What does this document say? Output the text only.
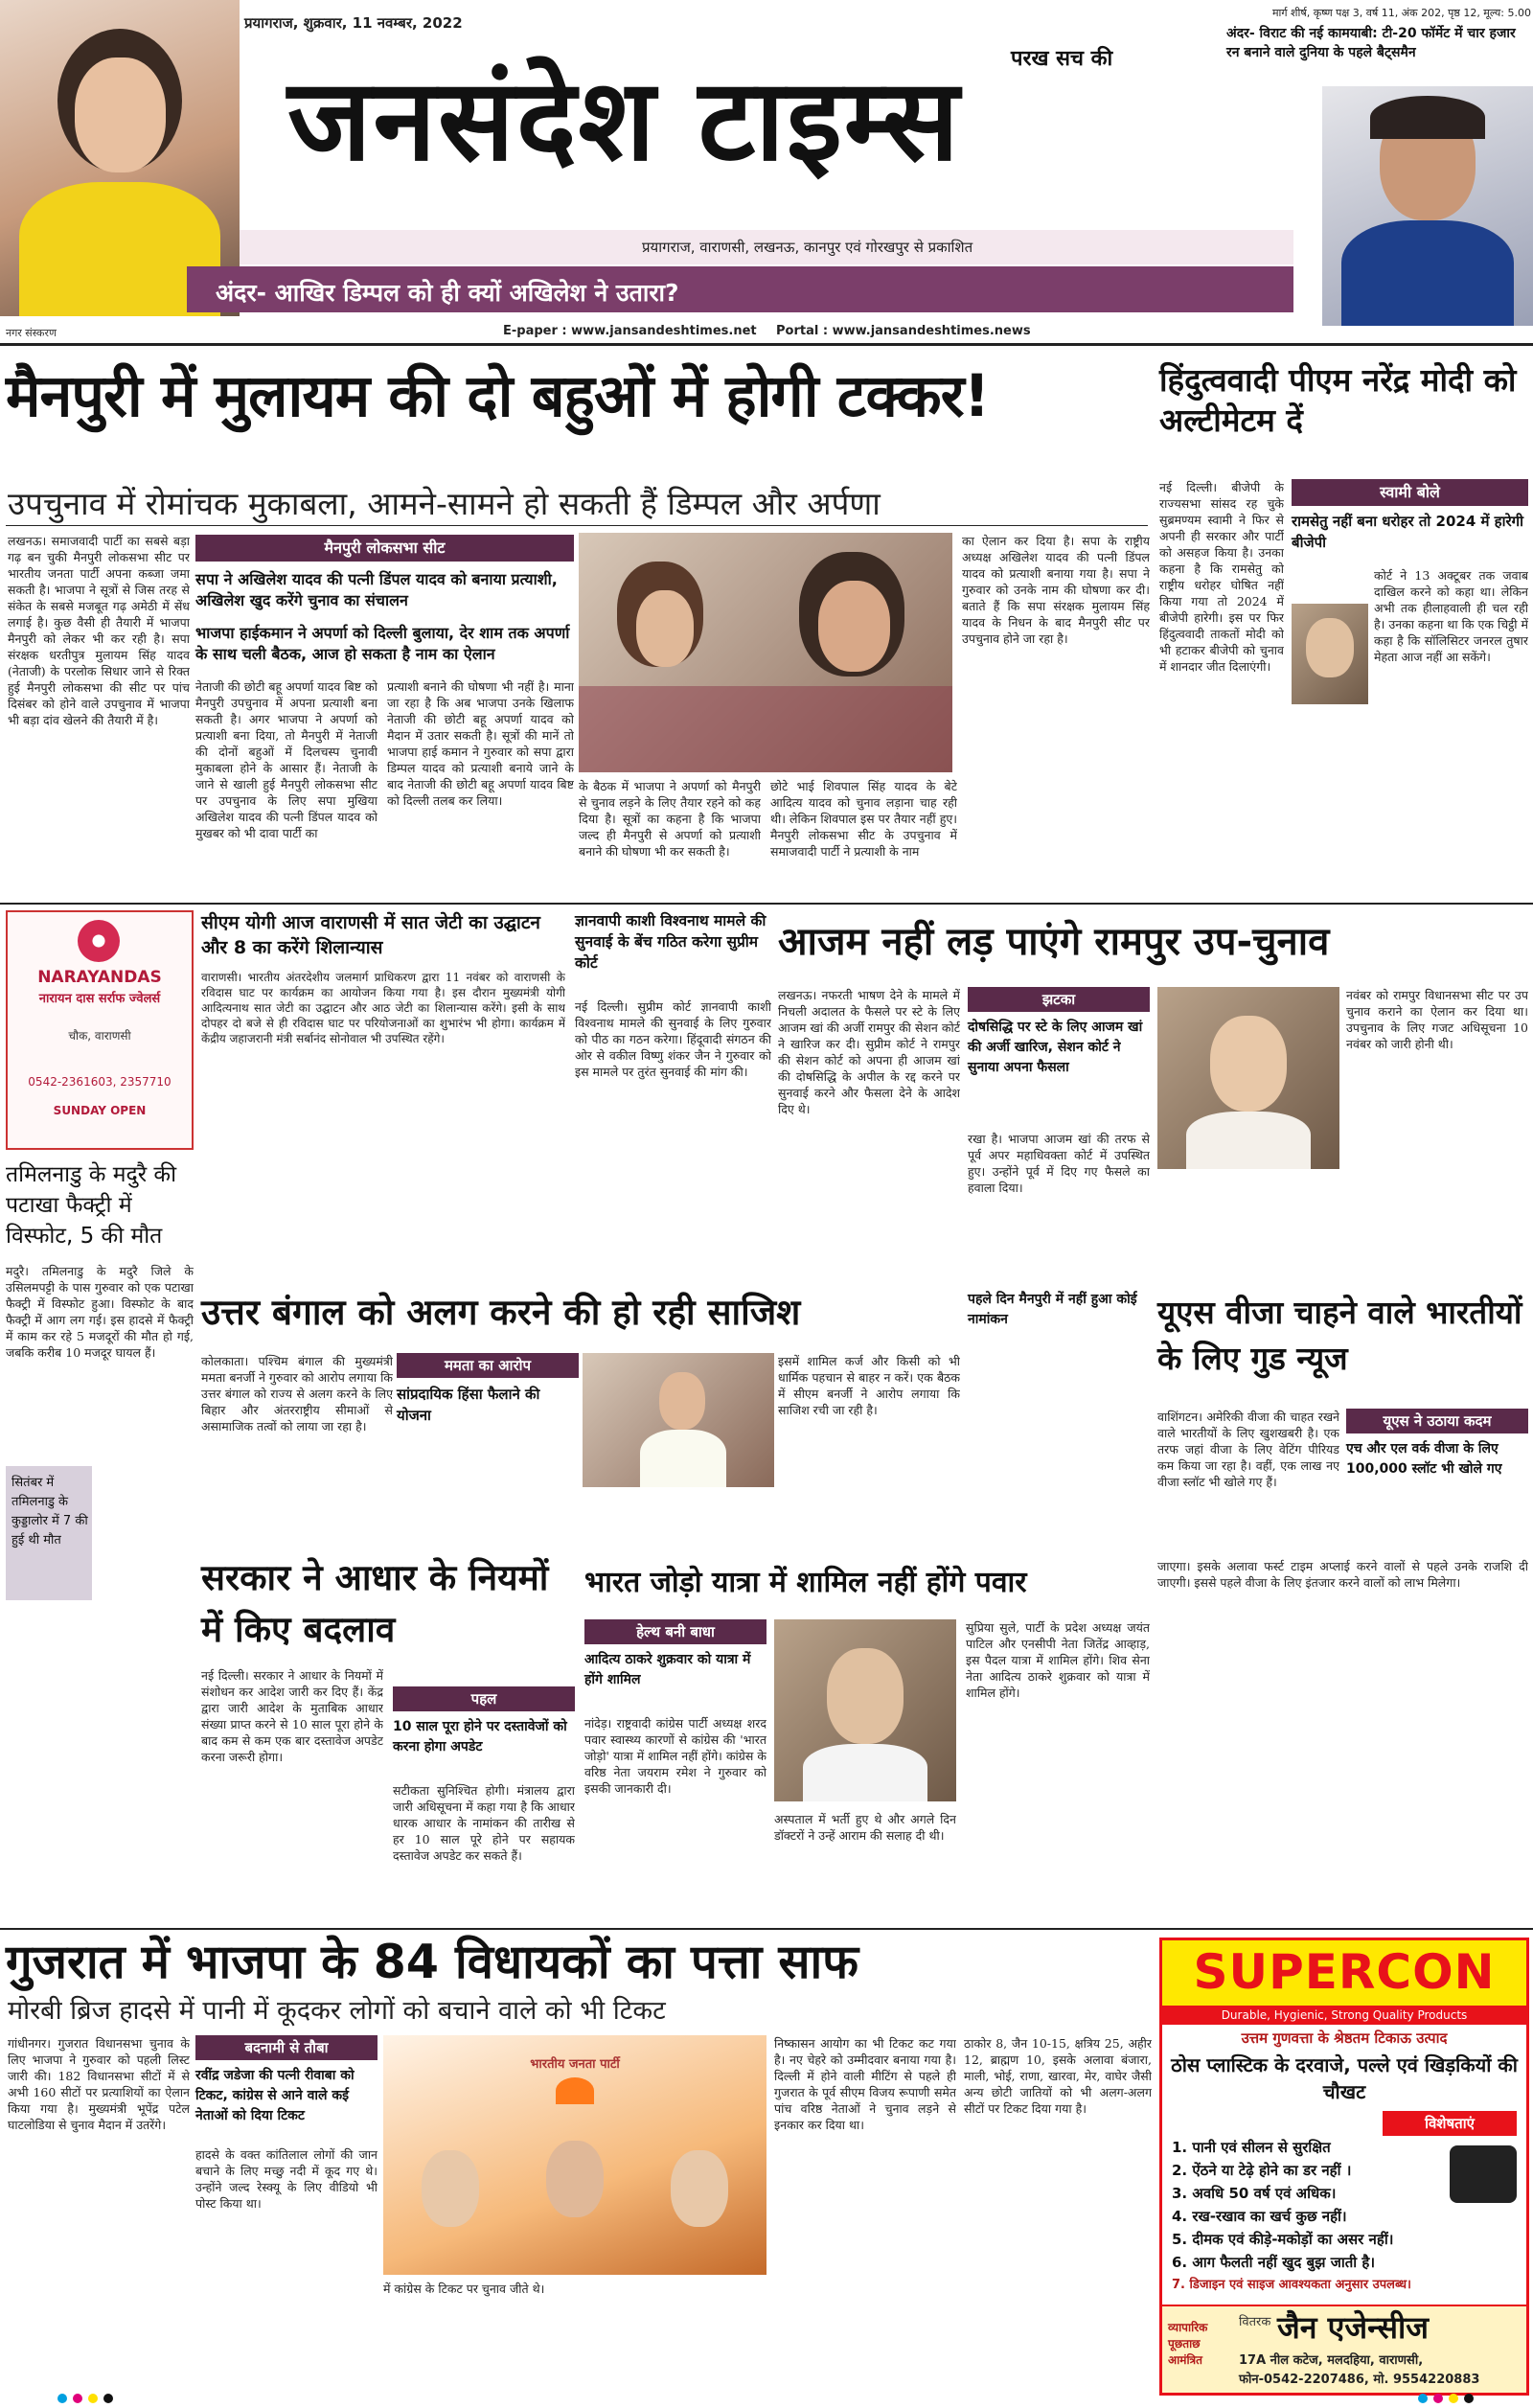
प्रयागराज, शुक्रवार, 11 नवम्बर, 2022
मार्ग शीर्ष, कृष्ण पक्ष 3, वर्ष 11, अंक 202, पृष्ठ 12, मूल्य: 5.00
परख सच की
जनसंदेश टाइम्स
प्रयागराज, वाराणसी, लखनऊ, कानपुर एवं गोरखपुर से प्रकाशित
अंदर- आखिर डिम्पल को ही क्यों अखिलेश ने उतारा?
अंदर- विराट की नई कामयाबी: टी-20 फॉर्मेट में चार हजार रन बनाने वाले दुनिया के पहले बैट्समैन
नगर संस्करण	E-paper : www.jansandeshtimes.net Portal : www.jansandeshtimes.news
मैनपुरी में मुलायम की दो बहुओं में होगी टक्कर!
उपचुनाव में रोमांचक मुकाबला, आमने-सामने हो सकती हैं डिम्पल और अर्पणा
लखनऊ। समाजवादी पार्टी का सबसे बड़ा गढ़ बन चुकी मैनपुरी लोकसभा सीट पर भारतीय जनता पार्टी अपना कब्जा जमा सकती है। भाजपा ने सूत्रों से जिस तरह से संकेत के सबसे मजबूत गढ़ अमेठी में सेंध लगाई है। कुछ वैसी ही तैयारी में भाजपा मैनपुरी को लेकर भी कर रही है। सपा संरक्षक धरतीपुत्र मुलायम सिंह यादव (नेताजी) के परलोक सिधार जाने से रिक्त हुई मैनपुरी लोकसभा की सीट पर पांच दिसंबर को होने वाले उपचुनाव में भाजपा भी बड़ा दांव खेलने की तैयारी में है।
मैनपुरी लोकसभा सीट
सपा ने अखिलेश यादव की पत्नी डिंपल यादव को बनाया प्रत्याशी, अखिलेश खुद करेंगे चुनाव का संचालन
भाजपा हाईकमान ने अपर्णा को दिल्ली बुलाया, देर शाम तक अपर्णा के साथ चली बैठक, आज हो सकता है नाम का ऐलान
नेताजी की छोटी बहू अपर्णा यादव बिष्ट को मैनपुरी उपचुनाव में अपना प्रत्याशी बना सकती है। अगर भाजपा ने अपर्णा को प्रत्याशी बना दिया, तो मैनपुरी में नेताजी की दोनों बहुओं में दिलचस्प चुनावी मुकाबला होने के आसार हैं। नेताजी के जाने से खाली हुई मैनपुरी लोकसभा सीट पर उपचुनाव के लिए सपा मुखिया अखिलेश यादव की पत्नी डिंपल यादव को मुखबर को भी दावा पार्टी का
प्रत्याशी बनाने की घोषणा भी नहीं है। माना जा रहा है कि अब भाजपा उनके खिलाफ नेताजी की छोटी बहू अपर्णा यादव को मैदान में उतार सकती है। सूत्रों की मानें तो भाजपा हाई कमान ने गुरुवार को सपा द्वारा डिम्पल यादव को प्रत्याशी बनाये जाने के बाद नेताजी की छोटी बहू अपर्णा यादव बिष्ट को दिल्ली तलब कर लिया।
के बैठक में भाजपा ने अपर्णा को मैनपुरी से चुनाव लड़ने के लिए तैयार रहने को कह दिया है। सूत्रों का कहना है कि भाजपा जल्द ही मैनपुरी से अपर्णा को प्रत्याशी बनाने की घोषणा भी कर सकती है।
छोटे भाई शिवपाल सिंह यादव के बेटे आदित्य यादव को चुनाव लड़ाना चाह रही थी। लेकिन शिवपाल इस पर तैयार नहीं हुए। मैनपुरी लोकसभा सीट के उपचुनाव में समाजवादी पार्टी ने प्रत्याशी के नाम
का ऐलान कर दिया है। सपा के राष्ट्रीय अध्यक्ष अखिलेश यादव की पत्नी डिंपल यादव को प्रत्याशी बनाया गया है। सपा ने गुरुवार को उनके नाम की घोषणा कर दी। बताते हैं कि सपा संरक्षक मुलायम सिंह यादव के निधन के बाद मैनपुरी सीट पर उपचुनाव होने जा रहा है।
हिंदुत्ववादी पीएम नरेंद्र मोदी को अल्टीमेटम दें
नई दिल्ली। बीजेपी के राज्यसभा सांसद रह चुके सुब्रमण्यम स्वामी ने फिर से अपनी ही सरकार और पार्टी को असहज किया है। उनका कहना है कि रामसेतु को राष्ट्रीय धरोहर घोषित नहीं किया गया तो 2024 में बीजेपी हारेगी। इस पर फिर हिंदुत्ववादी ताकतों मोदी को भी हटाकर बीजेपी को चुनाव में शानदार जीत दिलाएंगी।
स्वामी बोले
रामसेतु नहीं बना धरोहर तो 2024 में हारेगी बीजेपी
कोर्ट ने 13 अक्टूबर तक जवाब दाखिल करने को कहा था। लेकिन अभी तक हीलाहवाली ही चल रही है। उनका कहना था कि एक चिट्ठी में कहा है कि सॉलिसिटर जनरल तुषार मेहता आज नहीं आ सकेंगे।
NARAYANDAS
नारायन दास सर्राफ ज्वेलर्स
चौक, वाराणसी
0542-2361603, 2357710
SUNDAY OPEN
तमिलनाडु के मदुरै की पटाखा फैक्ट्री में विस्फोट, 5 की मौत
मदुरै। तमिलनाडु के मदुरै जिले के उसिलमपट्टी के पास गुरुवार को एक पटाखा फैक्ट्री में विस्फोट हुआ। विस्फोट के बाद फैक्ट्री में आग लग गई। इस हादसे में फैक्ट्री में काम कर रहे 5 मजदूरों की मौत हो गई, जबकि करीब 10 मजदूर घायल हैं।
सीएम योगी आज वाराणसी में सात जेटी का उद्घाटन और 8 का करेंगे शिलान्यास
वाराणसी। भारतीय अंतरदेशीय जलमार्ग प्राधिकरण द्वारा 11 नवंबर को वाराणसी के रविदास घाट पर कार्यक्रम का आयोजन किया गया है। इस दौरान मुख्यमंत्री योगी आदित्यनाथ सात जेटी का उद्घाटन और आठ जेटी का शिलान्यास करेंगे। इसी के साथ दोपहर दो बजे से ही रविदास घाट पर परियोजनाओं का शुभारंभ भी होगा। कार्यक्रम में केंद्रीय जहाजरानी मंत्री सर्बानंद सोनोवाल भी उपस्थित रहेंगे।
ज्ञानवापी काशी विश्वनाथ मामले की सुनवाई के बेंच गठित करेगा सुप्रीम कोर्ट
नई दिल्ली। सुप्रीम कोर्ट ज्ञानवापी काशी विश्वनाथ मामले की सुनवाई के लिए गुरुवार को पीठ का गठन करेगा। हिंदूवादी संगठन की ओर से वकील विष्णु शंकर जैन ने गुरुवार को इस मामले पर तुरंत सुनवाई की मांग की।
आजम नहीं लड़ पाएंगे रामपुर उप-चुनाव
लखनऊ। नफरती भाषण देने के मामले में निचली अदालत के फैसले पर स्टे के लिए आजम खां की अर्जी रामपुर की सेशन कोर्ट ने खारिज कर दी। सुप्रीम कोर्ट ने रामपुर की सेशन कोर्ट को अपना ही आजम खां की दोषसिद्धि के अपील के रद्द करने पर सुनवाई करने और फैसला देने के आदेश दिए थे।
झटका
दोषसिद्धि पर स्टे के लिए आजम खां की अर्जी खारिज, सेशन कोर्ट ने सुनाया अपना फैसला
रखा है। भाजपा आजम खां की तरफ से पूर्व अपर महाधिवक्ता कोर्ट में उपस्थित हुए। उन्होंने पूर्व में दिए गए फैसले का हवाला दिया।
नवंबर को रामपुर विधानसभा सीट पर उप चुनाव कराने का ऐलान कर दिया था। उपचुनाव के लिए गजट अधिसूचना 10 नवंबर को जारी होनी थी।
उत्तर बंगाल को अलग करने की हो रही साजिश
सितंबर में तमिलनाडु के कुड्डालोर में 7 की हुई थी मौत
कोलकाता। पश्चिम बंगाल की मुख्यमंत्री ममता बनर्जी ने गुरुवार को आरोप लगाया कि उत्तर बंगाल को राज्य से अलग करने के लिए बिहार और अंतरराष्ट्रीय सीमाओं से असामाजिक तत्वों को लाया जा रहा है।
ममता का आरोप
सांप्रदायिक हिंसा फैलाने की योजना
इसमें शामिल कर्ज और किसी को भी धार्मिक पहचान से बाहर न करें। एक बैठक में सीएम बनर्जी ने आरोप लगाया कि साजिश रची जा रही है।
पहले दिन मैनपुरी में नहीं हुआ कोई नामांकन	यूएस वीजा चाहने वाले भारतीयों के लिए गुड न्यूज
वाशिंगटन। अमेरिकी वीजा की चाहत रखने वाले भारतीयों के लिए खुशखबरी है। एक तरफ जहां वीजा के लिए वेटिंग पीरियड कम किया जा रहा है। वहीं, एक लाख नए वीजा स्लॉट भी खोले गए हैं।
यूएस ने उठाया कदम
एच और एल वर्क वीजा के लिए 100,000 स्लॉट भी खोले गए
जाएगा। इसके अलावा फर्स्ट टाइम अप्लाई करने वालों से पहले उनके राजशि दी जाएगी। इससे पहले वीजा के लिए इंतजार करने वालों को लाभ मिलेगा।
सरकार ने आधार के नियमों में किए बदलाव
नई दिल्ली। सरकार ने आधार के नियमों में संशोधन कर आदेश जारी कर दिए हैं। केंद्र द्वारा जारी आदेश के मुताबिक आधार संख्या प्राप्त करने से 10 साल पूरा होने के बाद कम से कम एक बार दस्तावेज अपडेट करना जरूरी होगा।
पहल
10 साल पूरा होने पर दस्तावेजों को करना होगा अपडेट
सटीकता सुनिश्चित होगी। मंत्रालय द्वारा जारी अधिसूचना में कहा गया है कि आधार धारक आधार के नामांकन की तारीख से हर 10 साल पूरे होने पर सहायक दस्तावेज अपडेट कर सकते हैं।
भारत जोड़ो यात्रा में शामिल नहीं होंगे पवार
हेल्थ बनी बाधा
आदित्य ठाकरे शुक्रवार को यात्रा में होंगे शामिल
नांदेड़। राष्ट्रवादी कांग्रेस पार्टी अध्यक्ष शरद पवार स्वास्थ्य कारणों से कांग्रेस की 'भारत जोड़ो' यात्रा में शामिल नहीं होंगे। कांग्रेस के वरिष्ठ नेता जयराम रमेश ने गुरुवार को इसकी जानकारी दी।
अस्पताल में भर्ती हुए थे और अगले दिन डॉक्टरों ने उन्हें आराम की सलाह दी थी।
सुप्रिया सुले, पार्टी के प्रदेश अध्यक्ष जयंत पाटिल और एनसीपी नेता जितेंद्र आव्हाड़, इस पैदल यात्रा में शामिल होंगे। शिव सेना नेता आदित्य ठाकरे शुक्रवार को यात्रा में शामिल होंगे।
गुजरात में भाजपा के 84 विधायकों का पत्ता साफ
मोरबी ब्रिज हादसे में पानी में कूदकर लोगों को बचाने वाले को भी टिकट
गांधीनगर। गुजरात विधानसभा चुनाव के लिए भाजपा ने गुरुवार को पहली लिस्ट जारी की। 182 विधानसभा सीटों में से अभी 160 सीटों पर प्रत्याशियों का ऐलान किया गया है। मुख्यमंत्री भूपेंद्र पटेल घाटलोडिया से चुनाव मैदान में उतरेंगे।
बदनामी से तौबा
रवींद्र जडेजा की पत्नी रीवाबा को टिकट, कांग्रेस से आने वाले कई नेताओं को दिया टिकट
हादसे के वक्त कांतिलाल लोगों की जान बचाने के लिए मच्छु नदी में कूद गए थे। उन्होंने जल्द रेस्क्यू के लिए वीडियो भी पोस्ट किया था।
भारतीय जनता पार्टी
में कांग्रेस के टिकट पर चुनाव जीते थे।
निष्कासन आयोग का भी टिकट कट गया है। नए चेहरे को उम्मीदवार बनाया गया है। दिल्ली में होने वाली मीटिंग से पहले ही गुजरात के पूर्व सीएम विजय रूपाणी समेत पांच वरिष्ठ नेताओं ने चुनाव लड़ने से इनकार कर दिया था।
ठाकोर 8, जैन 10-15, क्षत्रिय 25, अहीर 12, ब्राह्मण 10, इसके अलावा बंजारा, माली, भोई, राणा, खारवा, मेर, वाघेर जैसी अन्य छोटी जातियों को भी अलग-अलग सीटों पर टिकट दिया गया है।
SUPERCON
Durable, Hygienic, Strong Quality Products
उत्तम गुणवत्ता के श्रेष्ठतम टिकाऊ उत्पाद
ठोस प्लास्टिक के दरवाजे, पल्ले एवं खिड़कियों की चौखट
विशेषताएं
1. पानी एवं सीलन से सुरक्षित
2. ऐंठने या टेढ़े होने का डर नहीं ।
3. अवधि 50 वर्ष एवं अधिक।
4. रख-रखाव का खर्च कुछ नहीं।
5. दीमक एवं कीड़े-मकोड़ों का असर नहीं।
6. आग फैलती नहीं खुद बुझ जाती है।
7. डिजाइन एवं साइज आवश्यकता अनुसार उपलब्ध।
व्यापारिक पूछताछ आमंत्रित
वितरक जैन एजेन्सीज
17A नील कटेज, मलदहिया, वाराणसी,
फोन-0542-2207486, मो. 9554220883
